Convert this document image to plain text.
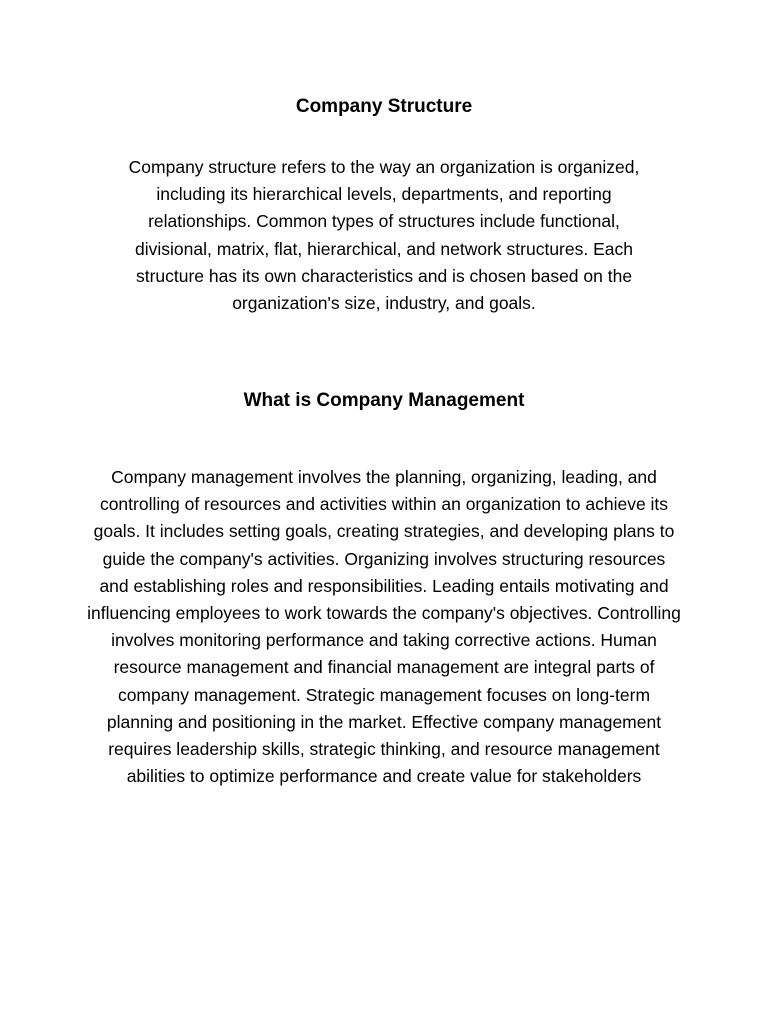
Company Structure

Company structure refers to the way an organization is organized, including its hierarchical levels, departments, and reporting relationships. Common types of structures include functional, divisional, matrix, flat, hierarchical, and network structures. Each structure has its own characteristics and is chosen based on the organization's size, industry, and goals.

What is Company Management

Company management involves the planning, organizing, leading, and controlling of resources and activities within an organization to achieve its goals. It includes setting goals, creating strategies, and developing plans to guide the company's activities. Organizing involves structuring resources and establishing roles and responsibilities. Leading entails motivating and influencing employees to work towards the company's objectives. Controlling involves monitoring performance and taking corrective actions. Human resource management and financial management are integral parts of company management. Strategic management focuses on long-term planning and positioning in the market. Effective company management requires leadership skills, strategic thinking, and resource management abilities to optimize performance and create value for stakeholders
